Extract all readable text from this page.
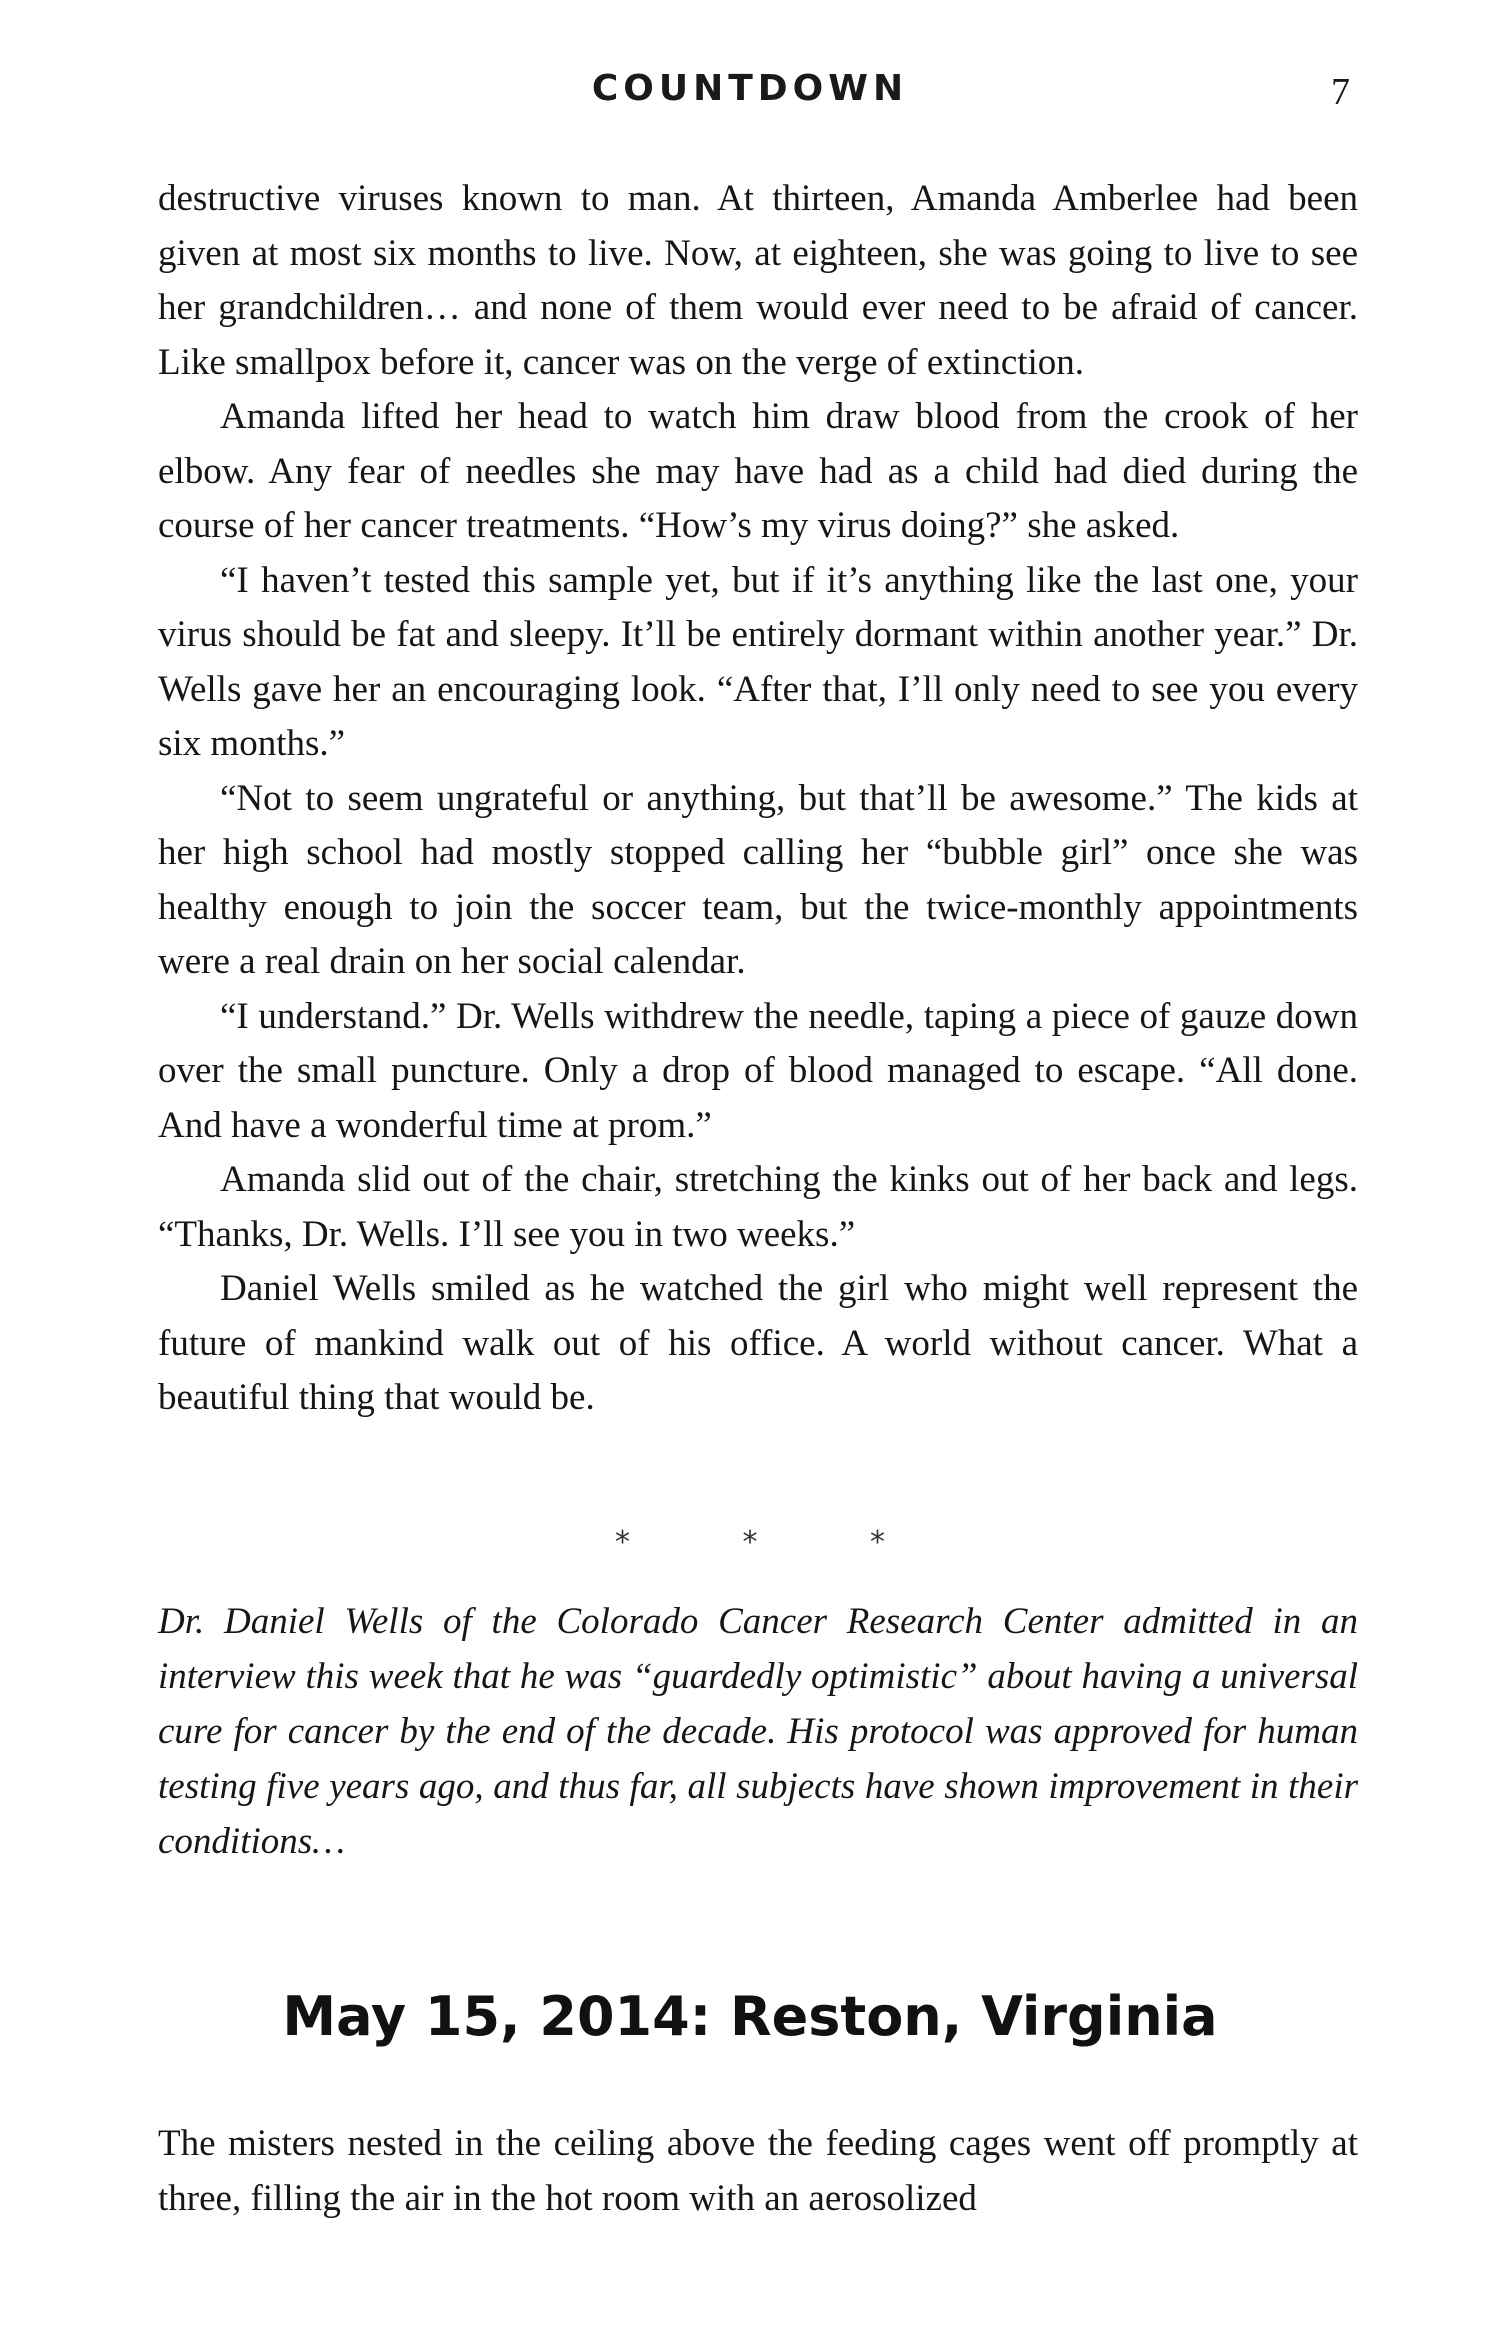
COUNTDOWN	7

destructive viruses known to man. At thirteen, Amanda Amberlee had been given at most six months to live. Now, at eighteen, she was going to live to see her grandchildren… and none of them would ever need to be afraid of cancer. Like smallpox before it, cancer was on the verge of extinction.

Amanda lifted her head to watch him draw blood from the crook of her elbow. Any fear of needles she may have had as a child had died during the course of her cancer treatments. “How’s my virus doing?” she asked.

“I haven’t tested this sample yet, but if it’s anything like the last one, your virus should be fat and sleepy. It’ll be entirely dormant within another year.” Dr. Wells gave her an encouraging look. “After that, I’ll only need to see you every six months.”

“Not to seem ungrateful or anything, but that’ll be awesome.” The kids at her high school had mostly stopped calling her “bubble girl” once she was healthy enough to join the soccer team, but the twice-monthly appointments were a real drain on her social calendar.

“I understand.” Dr. Wells withdrew the needle, taping a piece of gauze down over the small puncture. Only a drop of blood managed to escape. “All done. And have a wonderful time at prom.”

Amanda slid out of the chair, stretching the kinks out of her back and legs. “Thanks, Dr. Wells. I’ll see you in two weeks.”

Daniel Wells smiled as he watched the girl who might well represent the future of mankind walk out of his office. A world without cancer. What a beautiful thing that would be.

*	*	*

Dr. Daniel Wells of the Colorado Cancer Research Center admitted in an interview this week that he was “guardedly optimistic” about having a universal cure for cancer by the end of the decade. His protocol was approved for human testing five years ago, and thus far, all subjects have shown improvement in their conditions…

May 15, 2014: Reston, Virginia

The misters nested in the ceiling above the feeding cages went off promptly at three, filling the air in the hot room with an aerosolized
